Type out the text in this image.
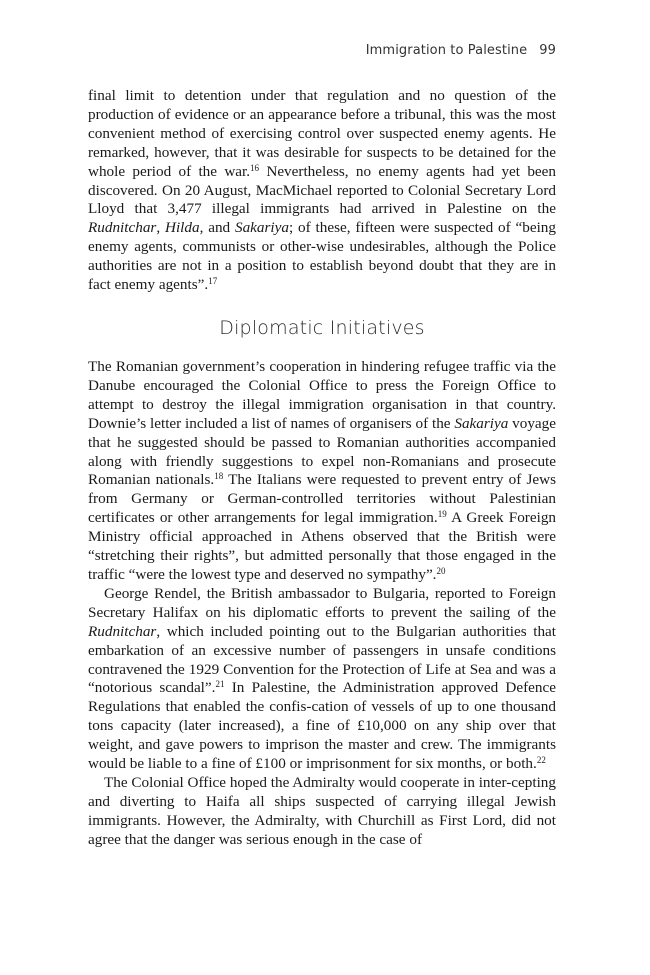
Immigration to Palestine 99

final limit to detention under that regulation and no question of the production of evidence or an appearance before a tribunal, this was the most convenient method of exercising control over suspected enemy agents. He remarked, however, that it was desirable for suspects to be detained for the whole period of the war.$^{16}$ Nevertheless, no enemy agents had yet been discovered. On 20 August, MacMichael reported to Colonial Secretary Lord Lloyd that 3,477 illegal immigrants had arrived in Palestine on the Rudnitchar, Hilda, and Sakariya; of these, fifteen were suspected of “being enemy agents, communists or other-wise undesirables, although the Police authorities are not in a position to establish beyond doubt that they are in fact enemy agents”.$^{17}$

Diplomatic Initiatives

The Romanian government’s cooperation in hindering refugee traffic via the Danube encouraged the Colonial Office to press the Foreign Office to attempt to destroy the illegal immigration organisation in that country. Downie’s letter included a list of names of organisers of the Sakariya voyage that he suggested should be passed to Romanian authorities accompanied along with friendly suggestions to expel non-Romanians and prosecute Romanian nationals.$^{18}$ The Italians were requested to prevent entry of Jews from Germany or German-controlled territories without Palestinian certificates or other arrangements for legal immigration.$^{19}$ A Greek Foreign Ministry official approached in Athens observed that the British were “stretching their rights”, but admitted personally that those engaged in the traffic “were the lowest type and deserved no sympathy”.$^{20}$

George Rendel, the British ambassador to Bulgaria, reported to Foreign Secretary Halifax on his diplomatic efforts to prevent the sailing of the Rudnitchar, which included pointing out to the Bulgarian authorities that embarkation of an excessive number of passengers in unsafe conditions contravened the 1929 Convention for the Protection of Life at Sea and was a “notorious scandal”.$^{21}$ In Palestine, the Administration approved Defence Regulations that enabled the confis-cation of vessels of up to one thousand tons capacity (later increased), a fine of £10,000 on any ship over that weight, and gave powers to imprison the master and crew. The immigrants would be liable to a fine of £100 or imprisonment for six months, or both.$^{22}$

The Colonial Office hoped the Admiralty would cooperate in inter-cepting and diverting to Haifa all ships suspected of carrying illegal Jewish immigrants. However, the Admiralty, with Churchill as First Lord, did not agree that the danger was serious enough in the case of
